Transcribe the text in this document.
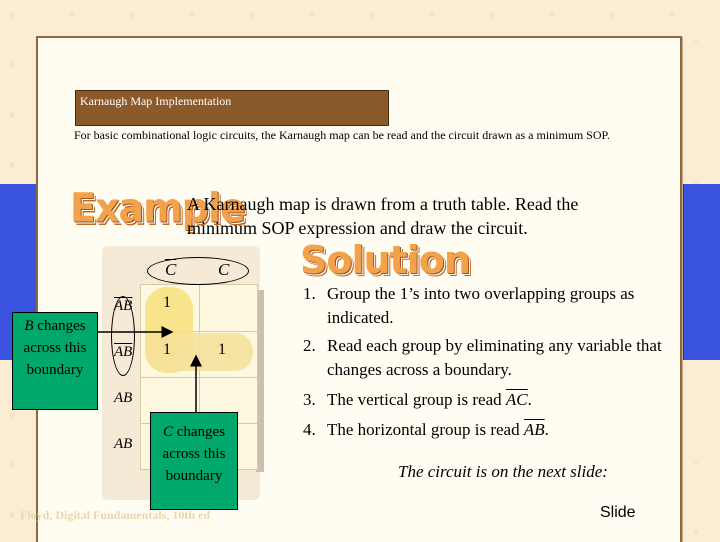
Karnaugh Map Implementation
For basic combinational logic circuits, the Karnaugh map can be read and the circuit drawn as a minimum SOP.
Example
A Karnaugh map is drawn from a truth table. Read the minimum SOP expression and draw the circuit.
Solution
$\overline{C}$ C
$\overline{AB}$
$\overline{AB}$
AB
AB
1
1	1
B changes across this boundary
C changes across this boundary
1. Group the 1’s into two overlapping groups as indicated.
2. Read each group by eliminating any variable that changes across a boundary.
3. The vertical group is read $\overline{AC}$.
4. The horizontal group is read $\overline{AB}$.
The circuit is on the next slide:
Floyd, Digital Fundamentals, 10th ed	Slide
